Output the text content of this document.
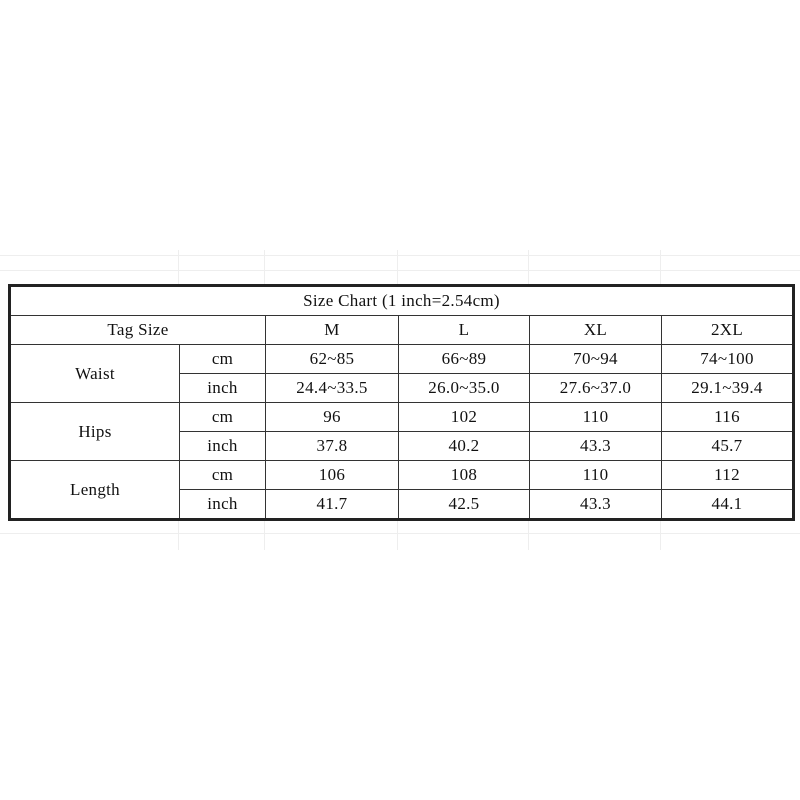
Size Chart (1 inch=2.54cm)					
Tag Size		M	L	XL	2XL
Waist	cm	62~85	66~89	70~94	74~100
	inch	24.4~33.5	26.0~35.0	27.6~37.0	29.1~39.4
Hips	cm	96	102	110	116
	inch	37.8	40.2	43.3	45.7
Length	cm	106	108	110	112
	inch	41.7	42.5	43.3	44.1
